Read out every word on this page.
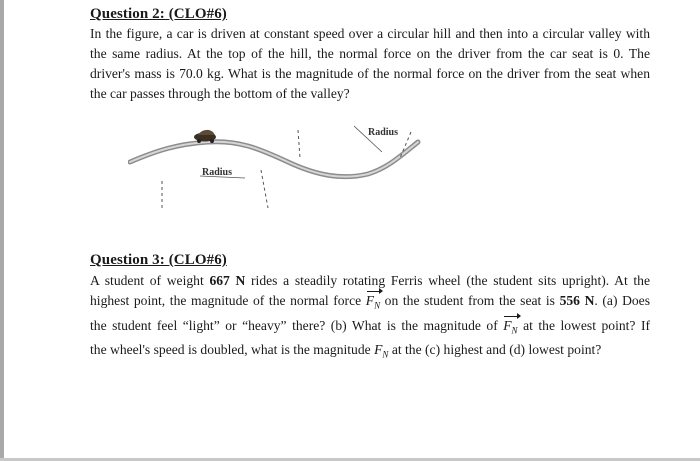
Question 2: (CLO#6)
In the figure, a car is driven at constant speed over a circular hill and then into a circular valley with
the same radius. At the top of the hill, the normal force on the driver from the car seat is 0. The
driver's mass is 70.0 kg. What is the magnitude of the normal force on the driver from the seat when
the car passes through the bottom of the valley?
Radius
Radius
Question 3: (CLO#6)
A student of weight 667 N rides a steadily rotating Ferris wheel (the student sits upright). At the
highest point, the magnitude of the normal force $F_N$ on the student from the seat is 556 N. (a) Does
the student feel “light” or “heavy” there? (b) What is the magnitude of $F_N$ at the lowest point? If
the wheel's speed is doubled, what is the magnitude $F_N$ at the (c) highest and (d) lowest point?
